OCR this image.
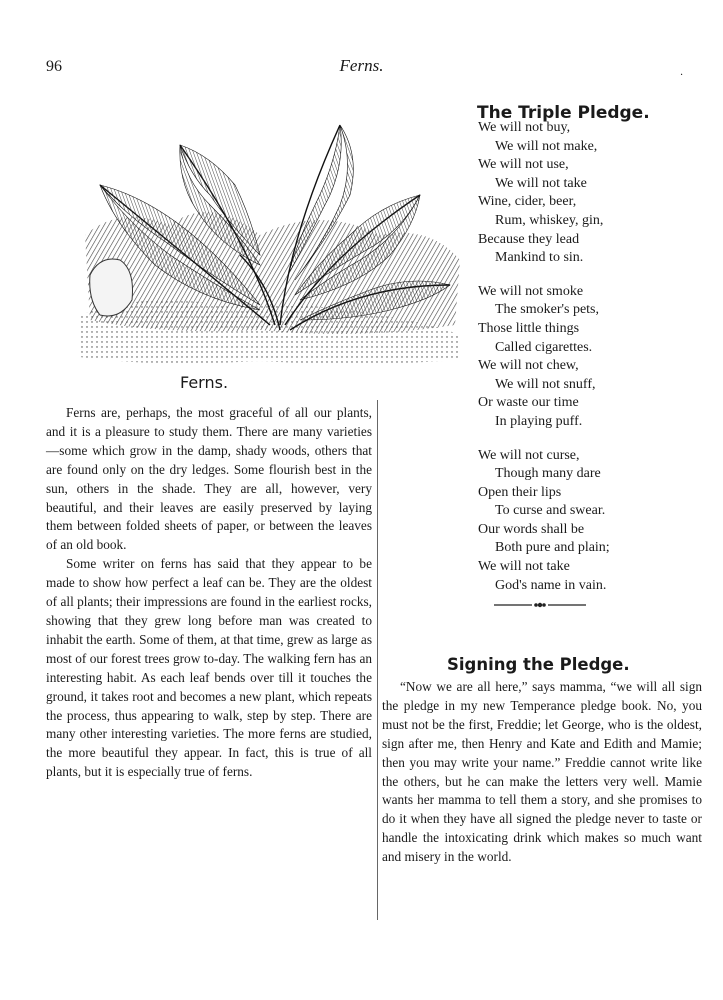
96	Ferns.
·
Ferns.

Ferns are, perhaps, the most graceful of all our plants, and it is a pleasure to study them. There are many varieties—some which grow in the damp, shady woods, others that are found only on the dry ledges. Some flourish best in the sun, others in the shade. They are all, however, very beautiful, and their leaves are easily preserved by laying them between folded sheets of paper, or between the leaves of an old book.

Some writer on ferns has said that they appear to be made to show how perfect a leaf can be. They are the oldest of all plants; their impressions are found in the earliest rocks, showing that they grew long before man was created to inhabit the earth. Some of them, at that time, grew as large as most of our forest trees grow to-day. The walking fern has an interesting habit. As each leaf bends over till it touches the ground, it takes root and becomes a new plant, which repeats the process, thus appearing to walk, step by step. There are many other interesting varieties. The more ferns are studied, the more beautiful they appear. In fact, this is true of all plants, but it is especially true of ferns.

The Triple Pledge.
We will not buy,
We will not make,
We will not use,
We will not take
Wine, cider, beer,
Rum, whiskey, gin,
Because they lead
Mankind to sin.
We will not smoke
The smoker's pets,
Those little things
Called cigarettes.
We will not chew,
We will not snuff,
Or waste our time
In playing puff.
We will not curse,
Though many dare
Open their lips
To curse and swear.
Our words shall be
Both pure and plain;
We will not take
God's name in vain.
Signing the Pledge.

“Now we are all here,” says mamma, “we will all sign the pledge in my new Temperance pledge book. No, you must not be the first, Freddie; let George, who is the oldest, sign after me, then Henry and Kate and Edith and Mamie; then you may write your name.” Freddie cannot write like the others, but he can make the letters very well. Mamie wants her mamma to tell them a story, and she promises to do it when they have all signed the pledge never to taste or handle the intoxicating drink which makes so much want and misery in the world.
